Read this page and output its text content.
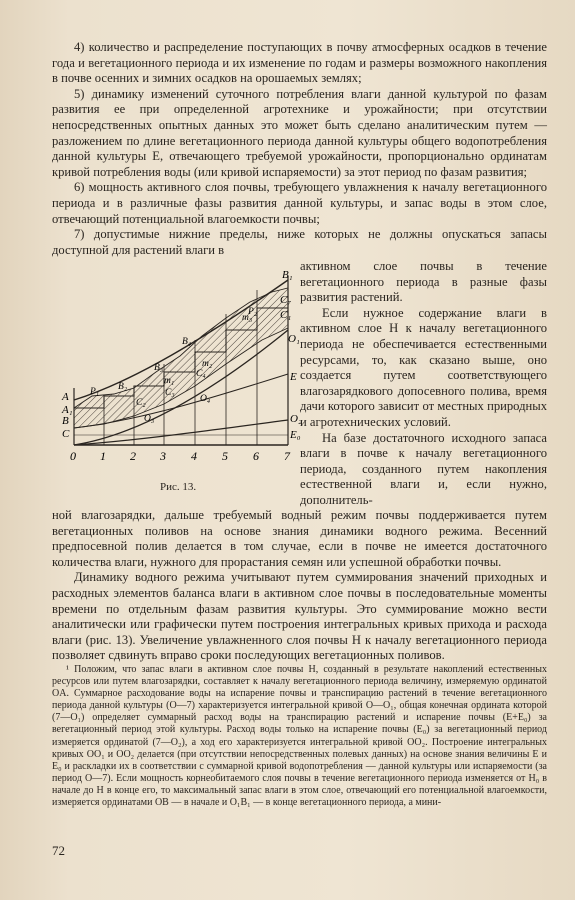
4) количество и распределение поступающих в почву атмосферных осадков в течение года и вегетационного периода и их изменение по годам и размеры возможного накопления в почве осенних и зимних осадков на орошаемых землях;

5) динамику изменений суточного потребления влаги данной культурой по фазам развития ее при определенной агротехнике и урожайности; при отсутствии непосредственных опытных данных это может быть сделано аналитическим путем — разложением по длине вегетационного периода данной культуры общего водопотребления данной культуры E, отвечающего требуемой урожайности, пропорционально ординатам кривой потребления воды (или кривой испаряемости) за этот период по фазам развития;

6) мощность активного слоя почвы, требующего увлажнения к началу вегетационного периода и в различные фазы развития данной культуры, и запас воды в этом слое, отвечающий потенциальной влагоемкости почвы;

7) допустимые нижние пределы, ниже которых не должны опускаться запасы доступной для растений влаги в

0 1 2 3 4 5 6 7
A
A₁
B
C
B₁
C₇
C₁
O₁
E
O₂
E₀
P₁ B₂
B₃
B₄
m₁
m₂
m₃
C₃
C₄
C₂
O₃
O₄
P₂
Рис. 13.

активном слое почвы в течение вегетационного периода в разные фазы развития растений.

Если нужное содержание влаги в активном слое H к началу вегетационного периода не обеспечивается естественными ресурсами, то, как сказано выше, оно создается путем соответствующего влагозарядкового допосевного полива, время дачи которого зависит от местных природных и агротехнических условий.

На базе достаточного исходного запаса влаги в почве к началу вегетационного периода, созданного путем накопления естественной влаги и, если нужно, дополнитель-

ной влагозарядки, дальше требуемый водный режим почвы поддерживается путем вегетационных поливов на основе знания динамики водного режима. Весенний предпосевной полив делается в том случае, если в почве не имеется достаточного количества влаги, нужного для прорастания семян или успешной обработки почвы.

Динамику водного режима учитывают путем суммирования значений приходных и расходных элементов баланса влаги в активном слое почвы в последовательные моменты времени по отдельным фазам развития культуры. Это суммирование можно вести аналитически или графически путем построения интегральных кривых прихода и расхода влаги (рис. 13). Увеличение увлажненного слоя почвы H к началу вегетационного периода позволяет сдвинуть вправо сроки последующих вегетационных поливов.

¹ Положим, что запас влаги в активном слое почвы H, созданный в результате накоплений естественных ресурсов или путем влагозарядки, составляет к началу вегетационного периода величину, измеряемую ординатой OA. Суммарное расходование воды на испарение почвы и транспирацию растений в течение вегетационного периода данной культуры (O—7) характеризуется интегральной кривой O—O₁, общая конечная ордината которой (7—O₁) определяет суммарный расход воды на транспирацию растений и испарение почвы (E+E₀) за вегетационный период этой культуры. Расход воды только на испарение почвы (E₀) за вегетационный период измеряется ординатой (7—O₂), а ход его характеризуется интегральной кривой OO₂. Построение интегральных кривых OO₁ и OO₂ делается (при отсутствии непосредственных полевых данных) на основе знания величины E и E₀ и раскладки их в соответствии с суммарной кривой водопотребления — данной культуры или испаряемости (за период O—7). Если мощность корнеобитаемого слоя почвы в течение вегетационного периода изменяется от H₀ в начале до H в конце его, то максимальный запас влаги в этом слое, отвечающий его потенциальной влагоемкости, измеряется ординатами OB — в начале и O₁B₁ — в конце вегетационного периода, а мини-

72
